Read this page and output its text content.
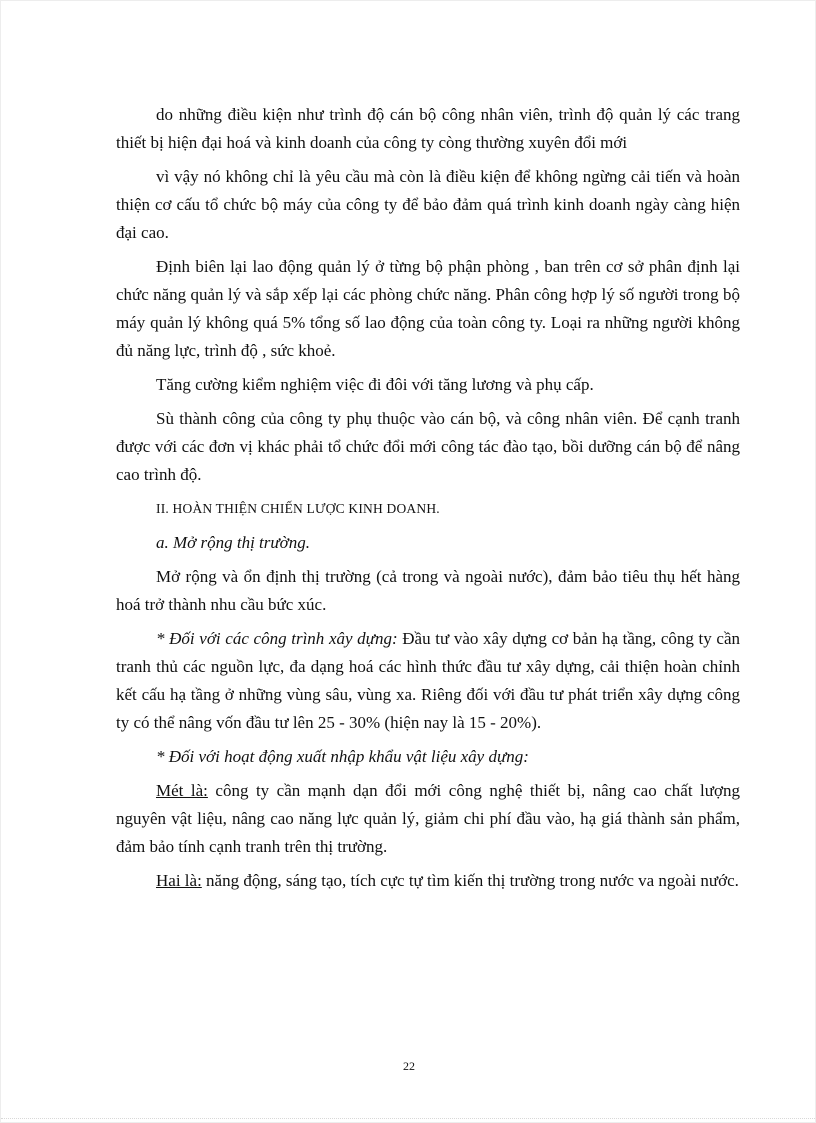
do những điều kiện như trình độ cán bộ công nhân viên, trình độ quản lý các trang thiết bị hiện đại hoá và kinh doanh của công ty còng thường xuyên đổi mới

vì vậy nó không chỉ là yêu cầu mà còn là điều kiện để không ngừng cải tiến và hoàn thiện cơ cấu tổ chức bộ máy của công ty để bảo đảm quá trình kinh doanh ngày càng hiện đại cao.

Định biên lại lao động quản lý ở từng bộ phận phòng , ban trên cơ sở phân định lại chức năng quản lý và sắp xếp lại các phòng chức năng. Phân công hợp lý số người trong bộ máy quản lý không quá 5% tổng số lao động của toàn công ty. Loại ra những người không đủ năng lực, trình độ , sức khoẻ.

Tăng cường kiểm nghiệm việc đi đôi với tăng lương và phụ cấp.

Sù thành công của công ty phụ thuộc vào cán bộ, và công nhân viên. Để cạnh tranh được với các đơn vị khác phải tổ chức đổi mới công tác đào tạo, bồi dưỡng cán bộ để nâng cao trình độ.

II. HOÀN THIỆN CHIẾN LƯỢC KINH DOANH.

a. Mở rộng thị trường.

Mở rộng và ổn định thị trường (cả trong và ngoài nước), đảm bảo tiêu thụ hết hàng hoá trở thành nhu cầu bức xúc.

* Đối với các công trình xây dựng: Đầu tư vào xây dựng cơ bản hạ tầng, công ty cần tranh thủ các nguồn lực, đa dạng hoá các hình thức đầu tư xây dựng, cải thiện hoàn chỉnh kết cấu hạ tầng ở những vùng sâu, vùng xa. Riêng đối với đầu tư phát triển xây dựng công ty có thể nâng vốn đầu tư lên 25 - 30% (hiện nay là 15 - 20%).

* Đối với hoạt động xuất nhập khẩu vật liệu xây dựng:

Mét là: công ty cần mạnh dạn đổi mới công nghệ thiết bị, nâng cao chất lượng nguyên vật liệu, nâng cao năng lực quản lý, giảm chi phí đầu vào, hạ giá thành sản phẩm, đảm bảo tính cạnh tranh trên thị trường.

Hai là: năng động, sáng tạo, tích cực tự tìm kiến thị trường trong nước va ngoài nước.

22
